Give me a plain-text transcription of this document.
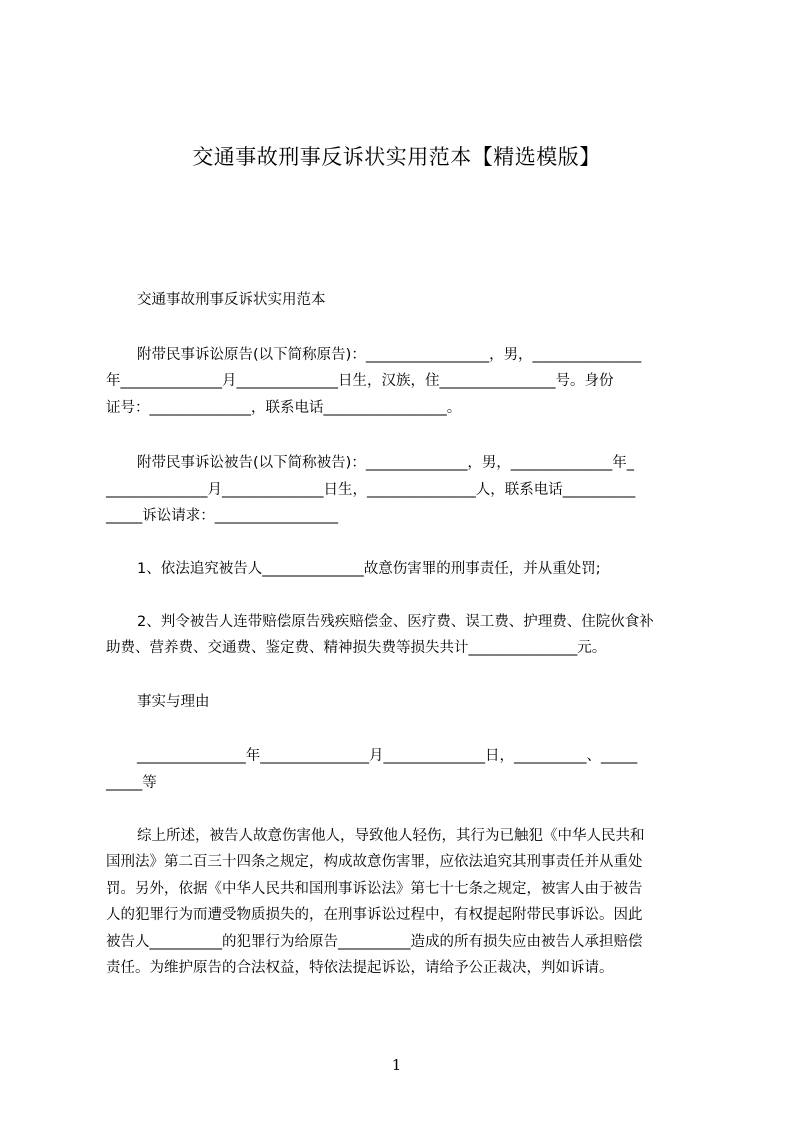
交通事故刑事反诉状实用范本【精选模版】
交通事故刑事反诉状实用范本
附带民事诉讼原告(以下简称原告)：_________________，男，_______________
年______________月______________日生，汉族，住________________号。身份
证号：______________，联系电话_________________。
附带民事诉讼被告(以下简称被告)：______________，男，______________年_
______________月______________日生，_______________人，联系电话__________
_____诉讼请求：_________________
1、依法追究被告人______________故意伤害罪的刑事责任，并从重处罚;
2、判令被告人连带赔偿原告残疾赔偿金、医疗费、误工费、护理费、住院伙食补
助费、营养费、交通费、鉴定费、精神损失费等损失共计_______________元。
事实与理由
_______________年_______________月______________日，__________、_____
_____等
综上所述，被告人故意伤害他人，导致他人轻伤，其行为已触犯《中华人民共和
国刑法》第二百三十四条之规定，构成故意伤害罪，应依法追究其刑事责任并从重处
罚。另外，依据《中华人民共和国刑事诉讼法》第七十七条之规定，被害人由于被告
人的犯罪行为而遭受物质损失的，在刑事诉讼过程中，有权提起附带民事诉讼。因此
被告人__________的犯罪行为给原告__________造成的所有损失应由被告人承担赔偿
责任。为维护原告的合法权益，特依法提起诉讼，请给予公正裁决，判如诉请。
1
